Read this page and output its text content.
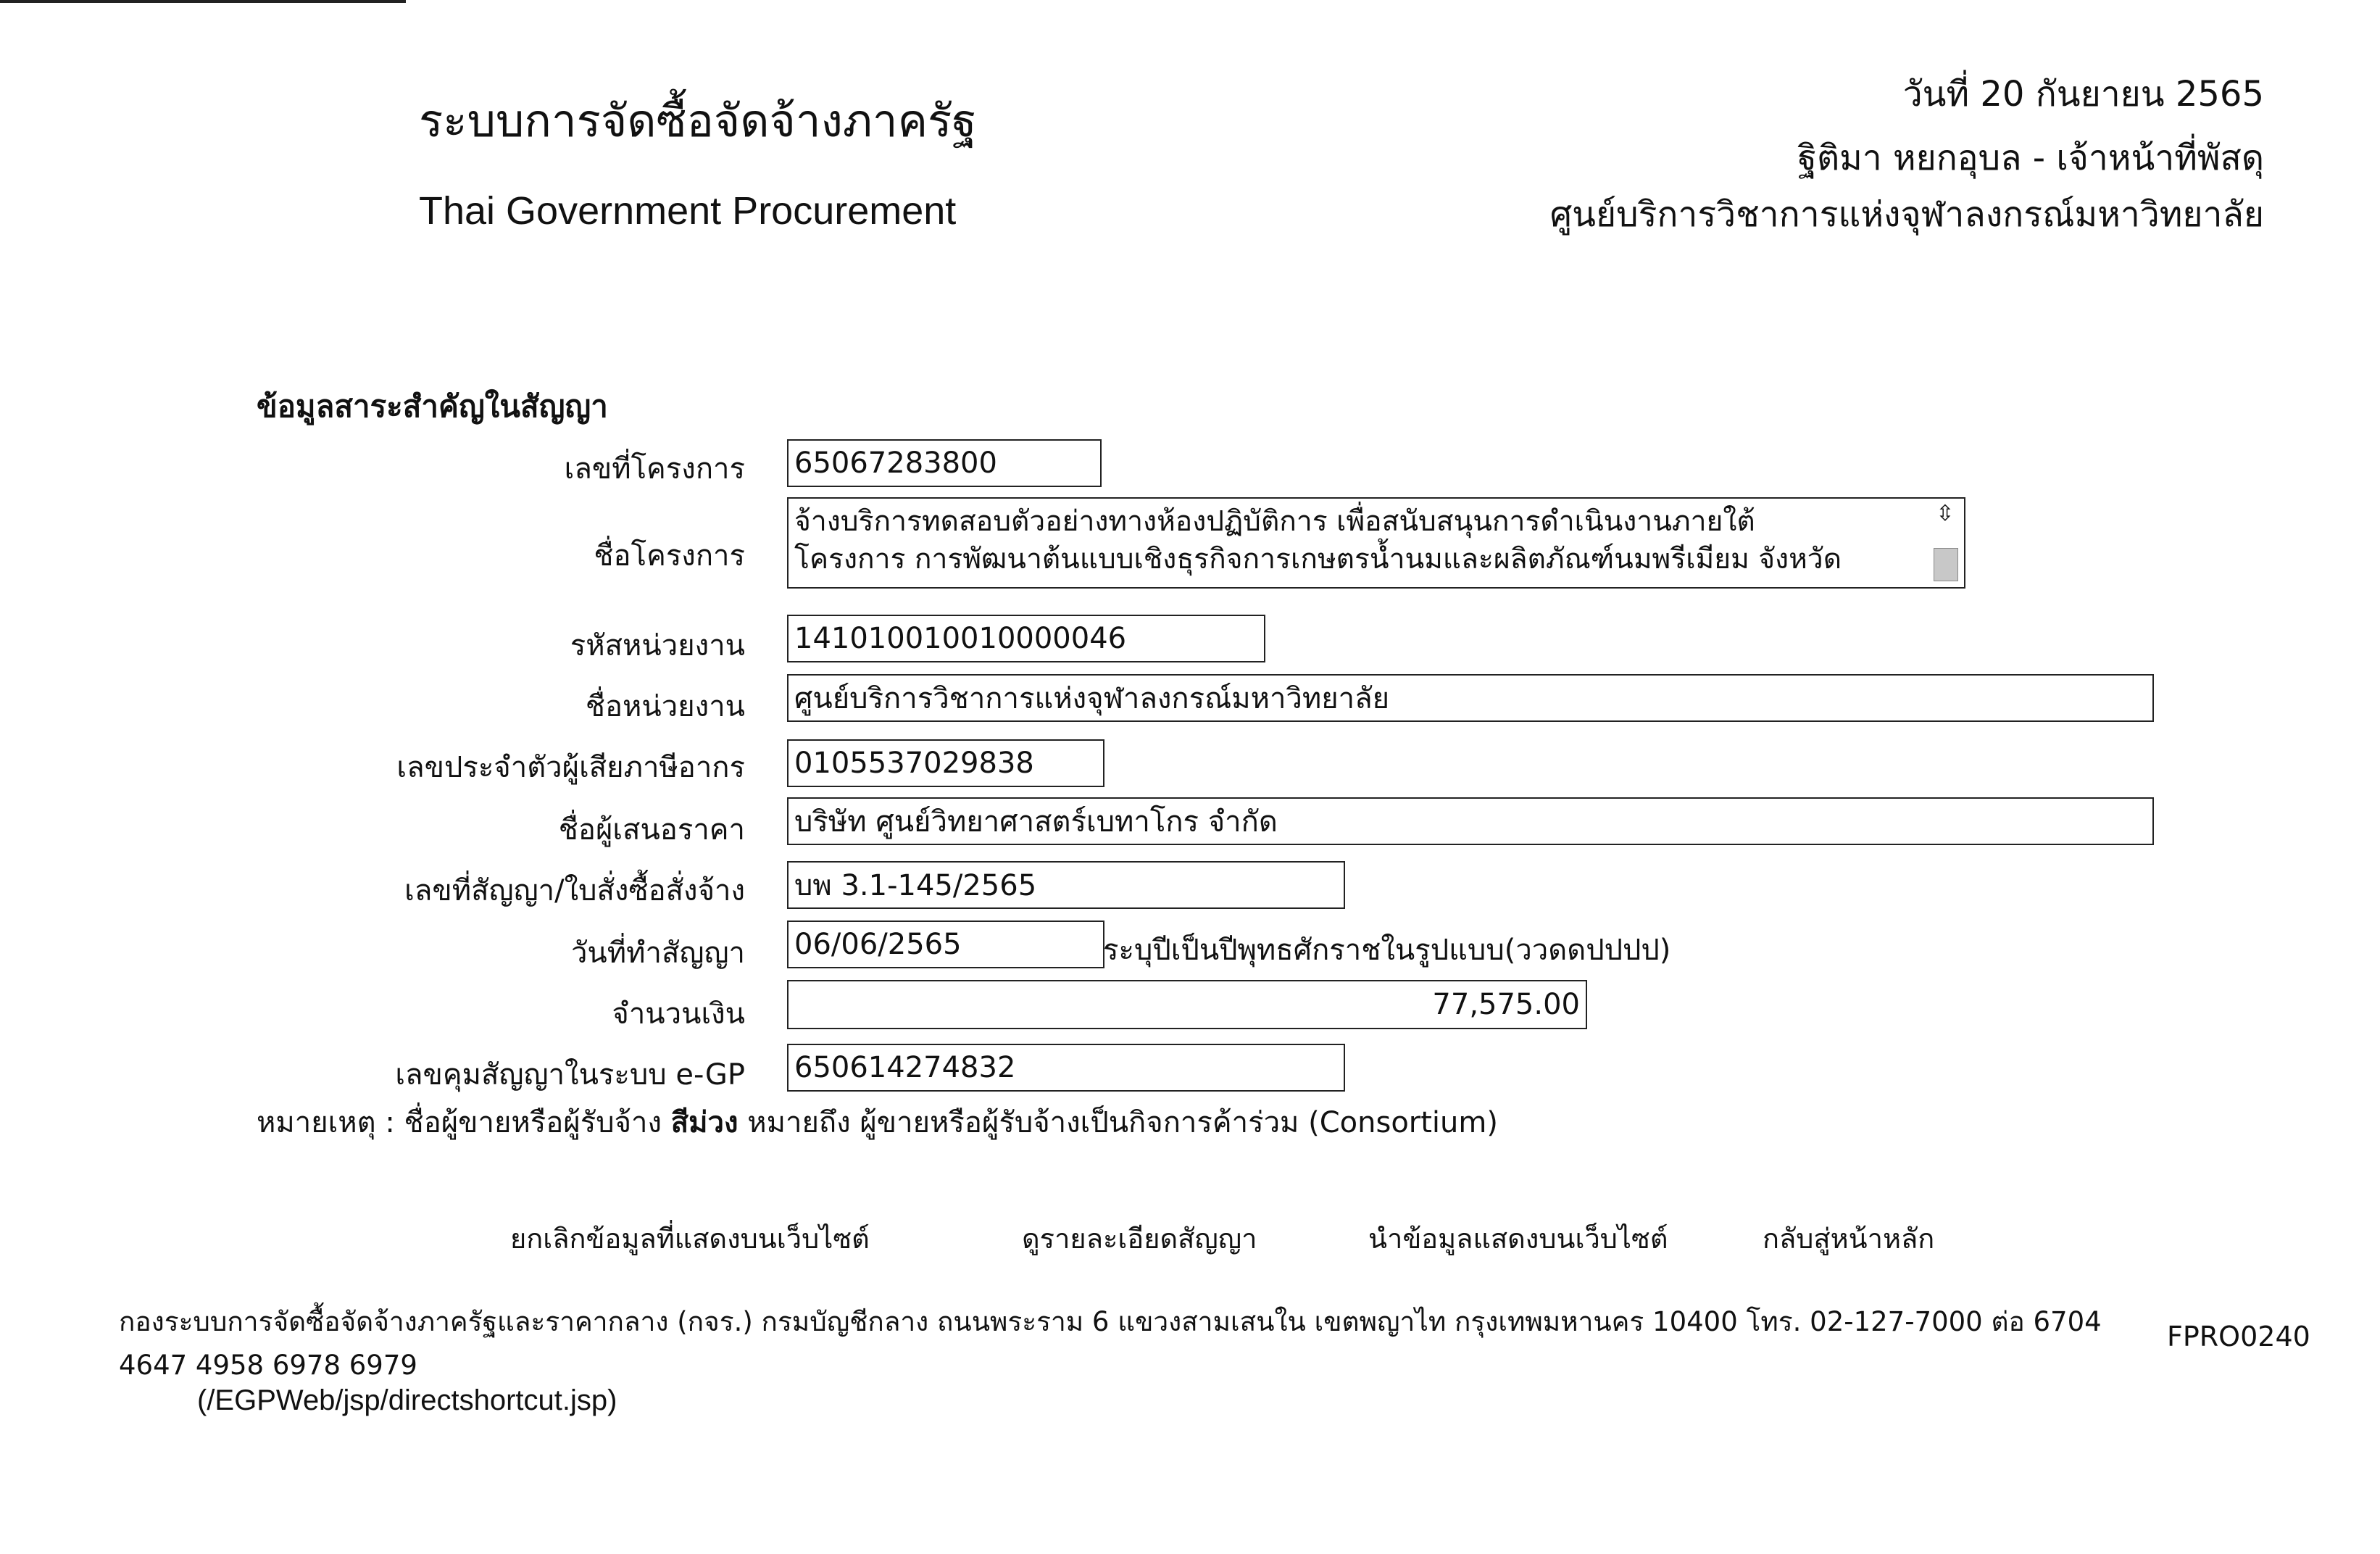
ระบบการจัดซื้อจัดจ้างภาครัฐ
Thai Government Procurement
วันที่ 20 กันยายน 2565
ฐิติมา หยกอุบล - เจ้าหน้าที่พัสดุ
ศูนย์บริการวิชาการแห่งจุฬาลงกรณ์มหาวิทยาลัย
ข้อมูลสาระสำคัญในสัญญา
เลขที่โครงการ 65067283800
ชื่อโครงการ
จ้างบริการทดสอบตัวอย่างทางห้องปฏิบัติการ เพื่อสนับสนุนการดำเนินงานภายใต้
โครงการ การพัฒนาต้นแบบเชิงธุรกิจการเกษตรน้ำนมและผลิตภัณฑ์นมพรีเมียม จังหวัด
⇳
รหัสหน่วยงาน 141010010010000046
ชื่อหน่วยงาน ศูนย์บริการวิชาการแห่งจุฬาลงกรณ์มหาวิทยาลัย
เลขประจำตัวผู้เสียภาษีอากร 0105537029838
ชื่อผู้เสนอราคา บริษัท ศูนย์วิทยาศาสตร์เบทาโกร จำกัด
เลขที่สัญญา/ใบสั่งซื้อสั่งจ้าง บพ 3.1-145/2565
วันที่ทำสัญญา 06/06/2565	ระบุปีเป็นปีพุทธศักราชในรูปแบบ(ววดดปปปป)
จำนวนเงิน	77,575.00
เลขคุมสัญญาในระบบ e-GP 650614274832
หมายเหตุ : ชื่อผู้ขายหรือผู้รับจ้าง สีม่วง หมายถึง ผู้ขายหรือผู้รับจ้างเป็นกิจการค้าร่วม (Consortium)
ยกเลิกข้อมูลที่แสดงบนเว็บไซต์	ดูรายละเอียดสัญญา	นำข้อมูลแสดงบนเว็บไซต์	กลับสู่หน้าหลัก
กองระบบการจัดซื้อจัดจ้างภาครัฐและราคากลาง (กจร.) กรมบัญชีกลาง ถนนพระราม 6 แขวงสามเสนใน เขตพญาไท กรุงเทพมหานคร 10400 โทร. 02-127-7000 ต่อ 6704 4647 4958 6978 6979
FPRO0240
(/EGPWeb/jsp/directshortcut.jsp)
